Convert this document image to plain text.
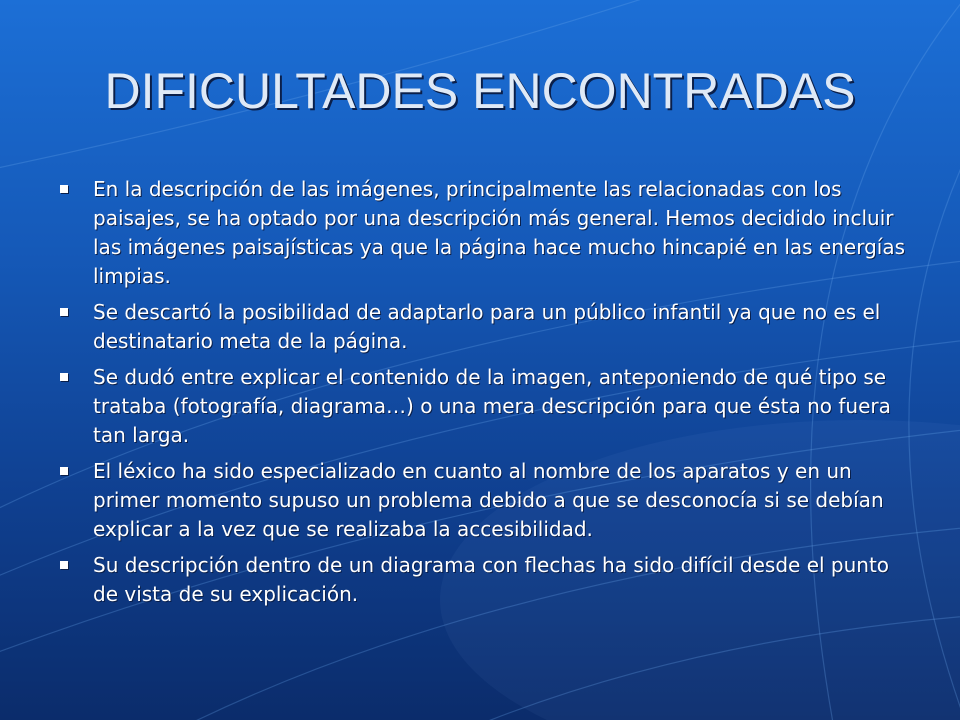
DIFICULTADES ENCONTRADAS
En la descripción de las imágenes, principalmente las relacionadas con los paisajes, se ha optado por una descripción más general. Hemos decidido incluir las imágenes paisajísticas ya que la página hace mucho hincapié en las energías limpias.
Se descartó la posibilidad de adaptarlo para un público infantil ya que no es el destinatario meta de la página.
Se dudó entre explicar el contenido de la imagen, anteponiendo de qué tipo se trataba (fotografía, diagrama…) o una mera descripción para que ésta no fuera tan larga.
El léxico ha sido especializado en cuanto al nombre de los aparatos y en un primer momento supuso un problema debido a que se desconocía si se debían explicar a la vez que se realizaba la accesibilidad.
Su descripción dentro de un diagrama con flechas ha sido difícil desde el punto de vista de su explicación.
